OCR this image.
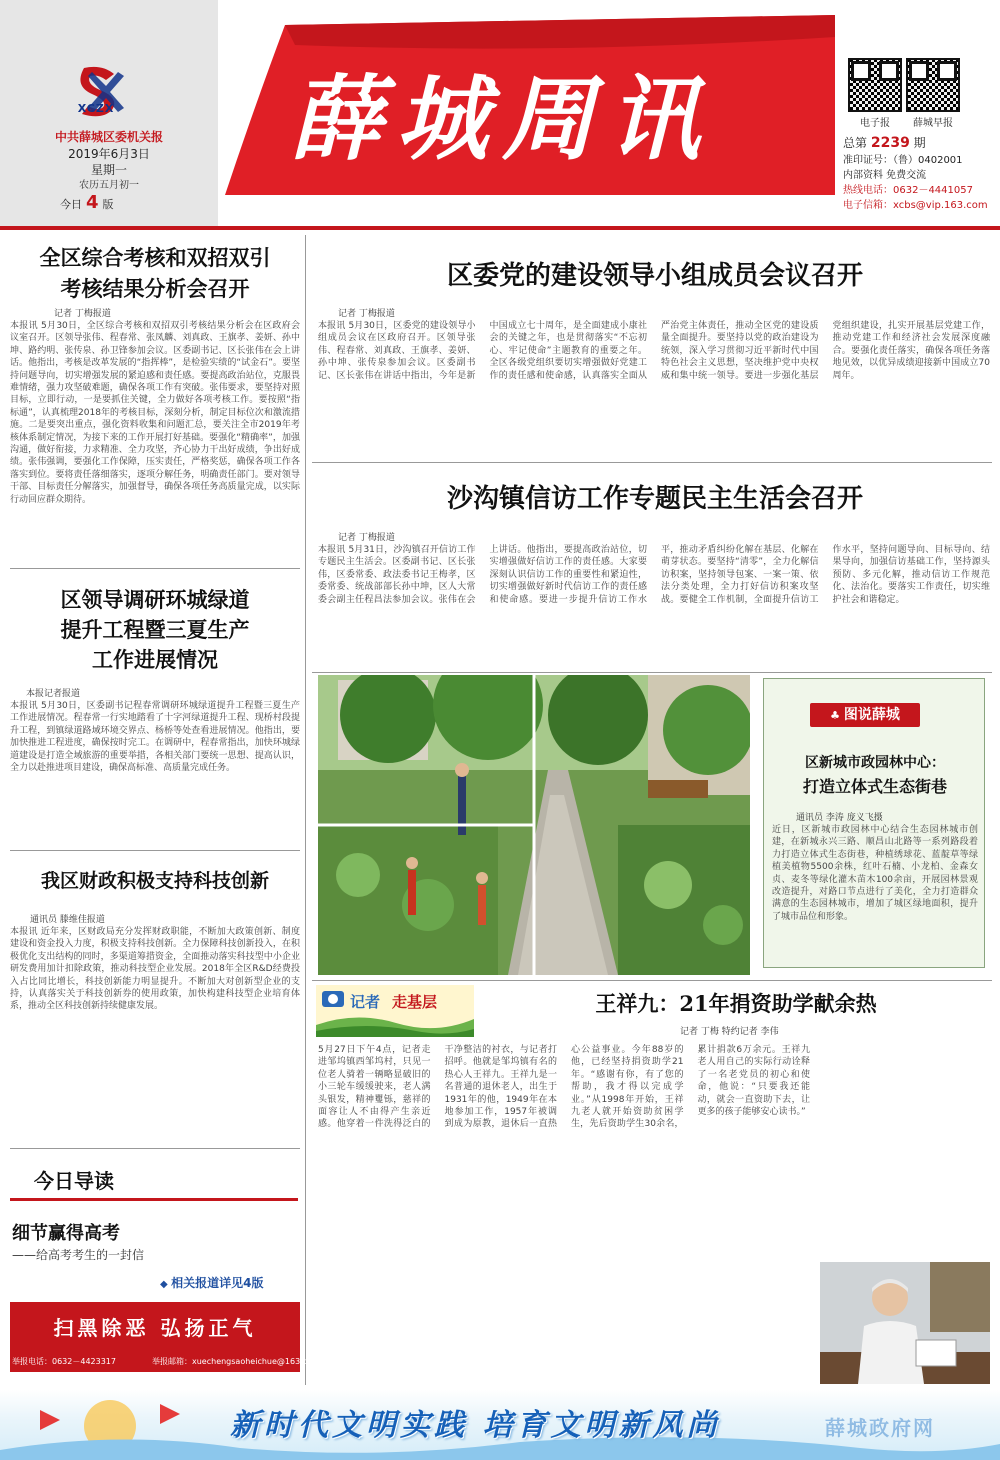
XCZX
中共薛城区委机关报
2019年6月3日
星期一
农历五月初一
今日 4 版
薛城周讯	电子报	薛城早报
总第 2239 期
准印证号：（鲁）0402001
内部资料 免费交流
热线电话：0632－4441057
电子信箱：xcbs@vip.163.com
全区综合考核和双招双引
考核结果分析会召开
记者 丁梅报道
本报讯 5月30日，全区综合考核和双招双引考核结果分析会在区政府会议室召开。区领导张伟、程春常、张凤麟、刘真政、王旗孝、姜妍、孙中坤、路约明、张传泉、孙卫锋参加会议。区委副书记、区长张伟在会上讲话。他指出，考核是改革发展的“指挥棒”，是检验实绩的“试金石”。要坚持问题导向，切实增强发展的紧迫感和责任感。要提高政治站位，克服畏难情绪，强力攻坚破难题，确保各项工作有突破。张伟要求，要坚持对照目标，立即行动，一是要抓住关键，全力做好各项考核工作。要按照“指标通”，认真梳理2018年的考核目标，深刻分析，制定目标位次和激流措施。二是要突出重点，强化资料收集和问题汇总，要关注全市2019年考核体系制定情况，为接下来的工作开展打好基础。要强化“精确率”，加强沟通，做好衔接，力求精准、全力攻坚，齐心协力干出好成绩，争出好成绩。张伟强调，要强化工作保障，压实责任，严格奖惩，确保各项工作各落实到位。要将责任落细落实，逐项分解任务，明确责任部门。要对领导干部、目标责任分解落实，加强督导，确保各项任务高质量完成，以实际行动回应群众期待。
区委党的建设领导小组成员会议召开
记者 丁梅报道
本报讯 5月30日，区委党的建设领导小组成员会议在区政府召开。区领导张伟、程春常、刘真政、王旗孝、姜妍、孙中坤、张传泉参加会议。区委副书记、区长张伟在讲话中指出，今年是新中国成立七十周年，是全面建成小康社会的关键之年，也是贯彻落实“不忘初心、牢记使命”主题教育的重要之年。全区各级党组织要切实增强做好党建工作的责任感和使命感，认真落实全面从严治党主体责任，推动全区党的建设质量全面提升。要坚持以党的政治建设为统领，深入学习贯彻习近平新时代中国特色社会主义思想，坚决维护党中央权威和集中统一领导。要进一步强化基层党组织建设，扎实开展基层党建工作，推动党建工作和经济社会发展深度融合。要强化责任落实，确保各项任务落地见效，以优异成绩迎接新中国成立70周年。
沙沟镇信访工作专题民主生活会召开
记者 丁梅报道
本报讯 5月31日，沙沟镇召开信访工作专题民主生活会。区委副书记、区长张伟，区委常委、政法委书记王梅孝，区委常委、统战部部长孙中坤，区人大常委会副主任程昌法参加会议。张伟在会上讲话。他指出，要提高政治站位，切实增强做好信访工作的责任感。大家要深刻认识信访工作的重要性和紧迫性，切实增强做好新时代信访工作的责任感和使命感。要进一步提升信访工作水平，推动矛盾纠纷化解在基层、化解在萌芽状态。要坚持“清零”，全力化解信访积案，坚持领导包案、一案一策、依法分类处理，全力打好信访积案攻坚战。要健全工作机制，全面提升信访工作水平，坚持问题导向、目标导向、结果导向，加强信访基础工作，坚持源头预防、多元化解，推动信访工作规范化、法治化。要落实工作责任，切实维护社会和谐稳定。
区领导调研环城绿道
提升工程暨三夏生产
工作进展情况
本报记者报道
本报讯 5月30日，区委副书记程春常调研环城绿道提升工程暨三夏生产工作进展情况。程春常一行实地踏看了十字河绿道提升工程、现桥村段提升工程，到镇绿道路域环境交界点、杨桥等处查看进展情况。他指出，要加快推进工程进度，确保按时完工。在调研中，程春常指出，加快环城绿道建设是打造全域旅游的重要举措，各相关部门要统一思想、提高认识，全力以赴推进项目建设，确保高标准、高质量完成任务。
我区财政积极支持科技创新
通讯员 滕维佳报道
本报讯 近年来，区财政局充分发挥财政职能，不断加大政策创新、制度建设和资金投入力度，积极支持科技创新。全力保障科技创新投入，在积极优化支出结构的同时，多渠道筹措资金，全面推动落实科技型中小企业研发费用加计扣除政策，推动科技型企业发展。2018年全区R&D经费投入占比同比增长，科技创新能力明显提升。不断加大对创新型企业的支持，认真落实关于科技创新券的使用政策，加快构建科技型企业培育体系，推动全区科技创新持续健康发展。
♣ 图说薛城
区新城市政园林中心：
打造立体式生态街巷
通讯员 李涛 庞义飞摄
近日，区新城市政园林中心结合生态园林城市创建，在新城永兴三路、顺昌山北路等一系列路段着力打造立体式生态街巷，种植绣球花、蓝靛草等绿植美植物5500余株，红叶石楠、小龙柏、金森女贞、麦冬等绿化灌木苗木100余亩，开展园林景观改造提升，对路口节点进行了美化，全力打造群众满意的生态园林城市，增加了城区绿地面积，提升了城市品位和形象。
记者 走基层	王祥九：21年捐资助学献余热
记者 丁梅 特约记者 李伟
5月27日下午4点，记者走进邹坞镇西邹坞村，只见一位老人骑着一辆略显破旧的小三轮车缓缓驶来，老人满头银发，精神矍铄，慈祥的面容让人不由得产生亲近感。他穿着一件洗得泛白的干净整洁的衬衣，与记者打招呼。他就是邹坞镇有名的热心人王祥九。王祥九是一名普通的退休老人，出生于1931年的他，1949年在本地参加工作，1957年被调到成为原教，退休后一直热心公益事业。今年88岁的他，已经坚持捐资助学21年。“感谢有你，有了您的帮助，我才得以完成学业。”从1998年开始，王祥九老人就开始资助贫困学生，先后资助学生30余名，累计捐款6万余元。王祥九老人用自己的实际行动诠释了一名老党员的初心和使命，他说：“只要我还能动，就会一直资助下去，让更多的孩子能够安心读书。”
今日导读
细节赢得高考
——给高考考生的一封信
◆ 相关报道详见4版
扫黑除恶 弘扬正气
举报电话：0632－4423317	举报邮箱：xuechengsaoheichue@163.com
新时代文明实践 培育文明新风尚	薛城政府网
